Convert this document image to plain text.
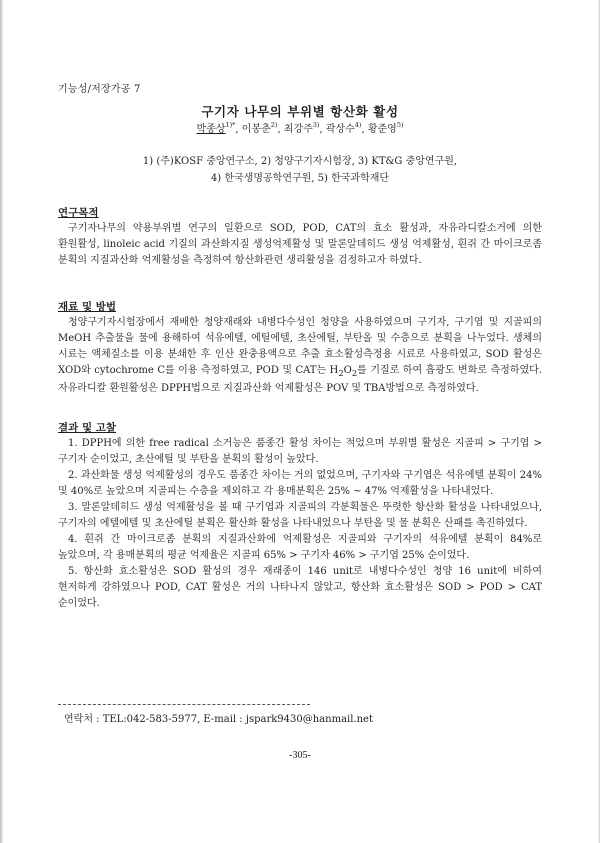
기능성/저장가공 7
구기자 나무의 부위별 항산화 활성
박종상$^{1)*}$, 이봉춘$^{2)}$, 최강주$^{3)}$, 곽상수$^{4)}$, 황준영$^{5)}$
1) (주)KOSF 중앙연구소, 2) 청양구기자시험장, 3) KT&G 중앙연구원,
4) 한국생명공학연구원, 5) 한국과학재단

연구목적

구기자나무의 약용부위별 연구의 일환으로 SOD, POD, CAT의 효소 활성과, 자유라디칼소거에 의한 환원활성, linoleic acid 기질의 과산화지질 생성억제활성 및 말론알데히드 생성 억제활성, 흰쥐 간 마이크로좀 분획의 지질과산화 억제활성을 측정하여 항산화관련 생리활성을 검정하고자 하였다.

재료 및 방법

청양구기자시험장에서 재배한 청양재래와 내병다수성인 청양을 사용하였으며 구기자, 구기엽 및 지골피의 MeOH 추출물을 물에 용해하여 석유에텔, 에틸에텔, 초산에틸, 부탄올 및 수층으로 분획을 나누었다. 생체의 시료는 액체질소를 이용 분쇄한 후 인산 완충용액으로 추출 효소활성측정용 시료로 사용하였고, SOD 활성은 XOD와 cytochrome C를 이용 측정하였고, POD 및 CAT는 $H_2O_2$를 기질로 하여 흡광도 변화로 측정하였다. 자유라디칼 환원활성은 DPPH법으로 지질과산화 억제활성은 POV 및 TBA방법으로 측정하였다.

결과 및 고찰

1. DPPH에 의한 free radical 소거능은 품종간 활성 차이는 적었으며 부위별 활성은 지골피 > 구기엽 > 구기자 순이었고, 초산에틸 및 부탄올 분획의 활성이 높았다.

2. 과산화물 생성 억제활성의 경우도 품종간 차이는 거의 없었으며, 구기자와 구기엽은 석유에텔 분획이 24% 및 40%로 높았으며 지골피는 수층을 제외하고 각 용매분획은 25% ~ 47% 억제활성을 나타내었다.

3. 말론알데히드 생성 억제활성을 볼 때 구기엽과 지골피의 각분획물은 뚜렷한 항산화 활성을 나타내었으나, 구기자의 에텔에텔 및 초산에틸 분획은 활산화 활성을 나타내었으나 부탄올 및 물 분획은 산패를 촉진하였다.

4. 흰쥐 간 마이크로좀 분획의 지질과산화에 억제활성은 지골피와 구기자의 석유에텔 분획이 84%로 높았으며, 각 용매분획의 평균 억제율은 지골피 65% > 구기자 46% > 구기엽 25% 순이었다.

5. 항산화 효소활성은 SOD 활성의 경우 재래종이 146 unit로 내병다수성인 청양 16 unit에 비하여 현저하게 강하였으나 POD, CAT 활성은 거의 나타나지 않았고, 항산화 효소활성은 SOD > POD > CAT 순이었다.

연락처 : TEL:042-583-5977, E-mail : jspark9430@hanmail.net
-305-
